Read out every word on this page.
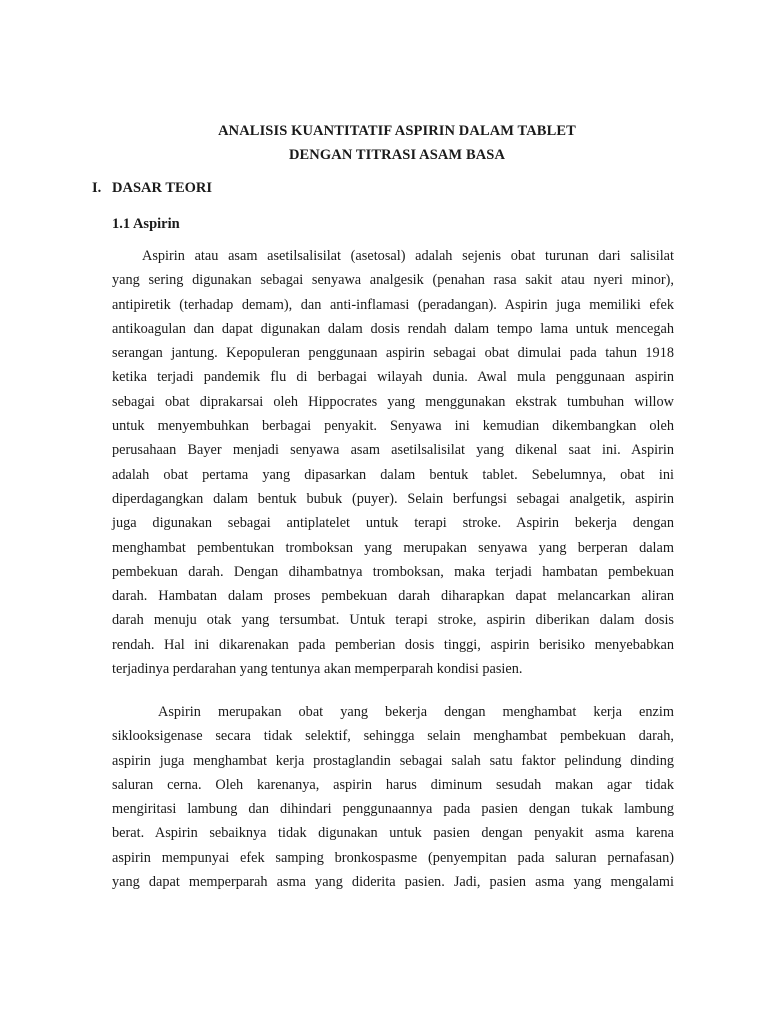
ANALISIS KUANTITATIF ASPIRIN DALAM TABLET

DENGAN TITRASI ASAM BASA

I. DASAR TEORI

1.1 Aspirin

Aspirin atau asam asetilsalisilat (asetosal) adalah sejenis obat turunan dari salisilat
yang sering digunakan sebagai senyawa analgesik (penahan rasa sakit atau nyeri minor),
antipiretik (terhadap demam), dan anti-inflamasi (peradangan). Aspirin juga memiliki efek
antikoagulan dan dapat digunakan dalam dosis rendah dalam tempo lama untuk mencegah
serangan jantung. Kepopuleran penggunaan aspirin sebagai obat dimulai pada tahun 1918
ketika terjadi pandemik flu di berbagai wilayah dunia. Awal mula penggunaan aspirin
sebagai obat diprakarsai oleh Hippocrates yang menggunakan ekstrak tumbuhan willow
untuk menyembuhkan berbagai penyakit. Senyawa ini kemudian dikembangkan oleh
perusahaan Bayer menjadi senyawa asam asetilsalisilat yang dikenal saat ini. Aspirin
adalah obat pertama yang dipasarkan dalam bentuk tablet. Sebelumnya, obat ini
diperdagangkan dalam bentuk bubuk (puyer). Selain berfungsi sebagai analgetik, aspirin
juga digunakan sebagai antiplatelet untuk terapi stroke. Aspirin bekerja dengan
menghambat pembentukan tromboksan yang merupakan senyawa yang berperan dalam
pembekuan darah. Dengan dihambatnya tromboksan, maka terjadi hambatan pembekuan
darah. Hambatan dalam proses pembekuan darah diharapkan dapat melancarkan aliran
darah menuju otak yang tersumbat. Untuk terapi stroke, aspirin diberikan dalam dosis
rendah. Hal ini dikarenakan pada pemberian dosis tinggi, aspirin berisiko menyebabkan
terjadinya perdarahan yang tentunya akan memperparah kondisi pasien.
Aspirin merupakan obat yang bekerja dengan menghambat kerja enzim
siklooksigenase secara tidak selektif, sehingga selain menghambat pembekuan darah,
aspirin juga menghambat kerja prostaglandin sebagai salah satu faktor pelindung dinding
saluran cerna. Oleh karenanya, aspirin harus diminum sesudah makan agar tidak
mengiritasi lambung dan dihindari penggunaannya pada pasien dengan tukak lambung
berat. Aspirin sebaiknya tidak digunakan untuk pasien dengan penyakit asma karena
aspirin mempunyai efek samping bronkospasme (penyempitan pada saluran pernafasan)
yang dapat memperparah asma yang diderita pasien. Jadi, pasien asma yang mengalami
